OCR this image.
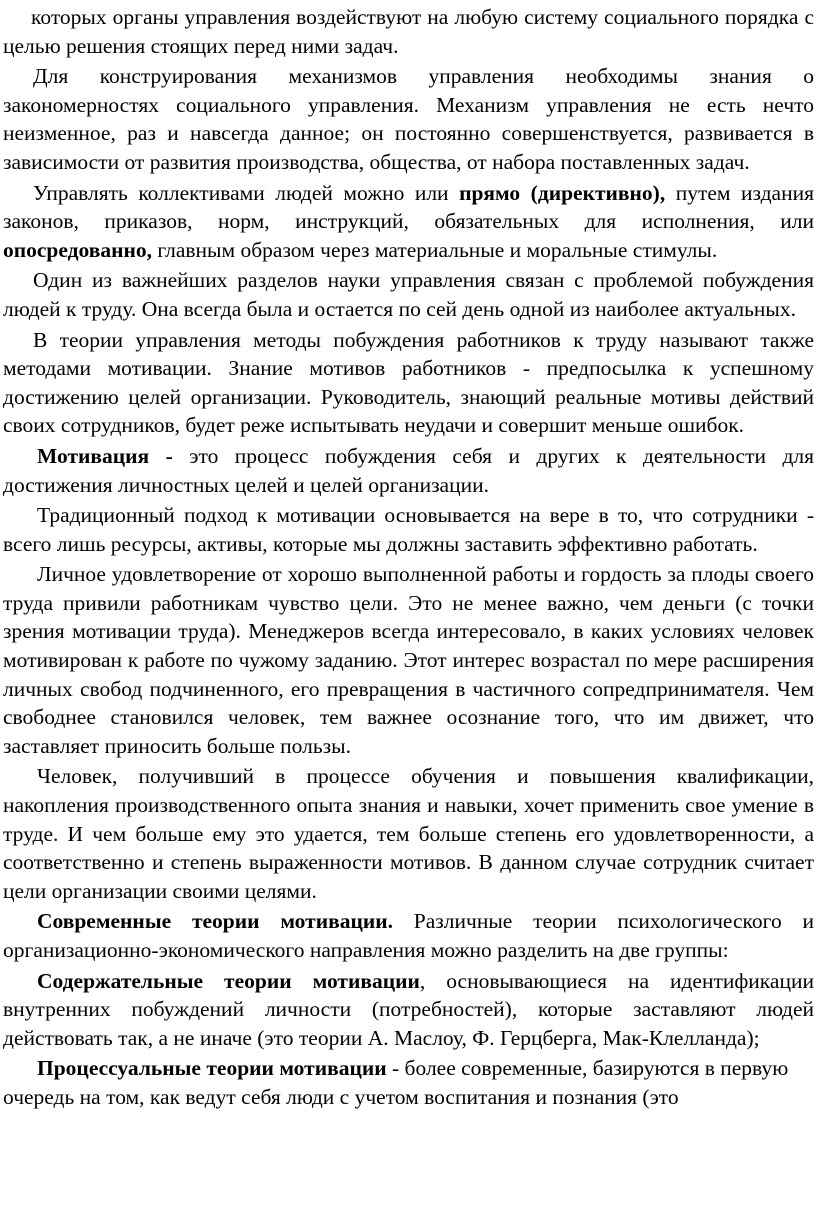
которых органы управления воздействуют на любую систему социального порядка с целью решения стоящих перед ними задач.

Для конструирования механизмов управления необходимы знания о закономерностях социального управления. Механизм управления не есть нечто неизменное, раз и навсегда данное; он постоянно совершенствуется, развивается в зависимости от развития производства, общества, от набора поставленных задач.

Управлять коллективами людей можно или прямо (директивно), путем издания законов, приказов, норм, инструкций, обязательных для исполнения, или опосредованно, главным образом через материальные и моральные стимулы.

Один из важнейших разделов науки управления связан с проблемой побуждения людей к труду. Она всегда была и остается по сей день одной из наиболее актуальных.

В теории управления методы побуждения работников к труду называют также методами мотивации. Знание мотивов работников - предпосылка к успешному достижению целей организации. Руководитель, знающий реальные мотивы действий своих сотрудников, будет реже испытывать неудачи и совершит меньше ошибок.

Мотивация - это процесс побуждения себя и других к деятельности для достижения личностных целей и целей организации.

Традиционный подход к мотивации основывается на вере в то, что сотрудники - всего лишь ресурсы, активы, которые мы должны заставить эффективно работать.

Личное удовлетворение от хорошо выполненной работы и гордость за плоды своего труда привили работникам чувство цели. Это не менее важно, чем деньги (с точки зрения мотивации труда). Менеджеров всегда интересовало, в каких условиях человек мотивирован к работе по чужому заданию. Этот интерес возрастал по мере расширения личных свобод подчиненного, его превращения в частичного сопредпринимателя. Чем свободнее становился человек, тем важнее осознание того, что им движет, что заставляет приносить больше пользы.

Человек, получивший в процессе обучения и повышения квалификации, накопления производственного опыта знания и навыки, хочет применить свое умение в труде. И чем больше ему это удается, тем больше степень его удовлетворенности, а соответственно и степень выраженности мотивов. В данном случае сотрудник считает цели организации своими целями.

Современные теории мотивации. Различные теории психологического и организационно-экономического направления можно разделить на две группы:

Содержательные теории мотивации, основывающиеся на идентификации внутренних побуждений личности (потребностей), которые заставляют людей действовать так, а не иначе (это теории А. Маслоу, Ф. Герцберга, Мак-Клелланда);

Процессуальные теории мотивации - более современные, базируются в первую очередь на том, как ведут себя люди с учетом воспитания и познания (это
